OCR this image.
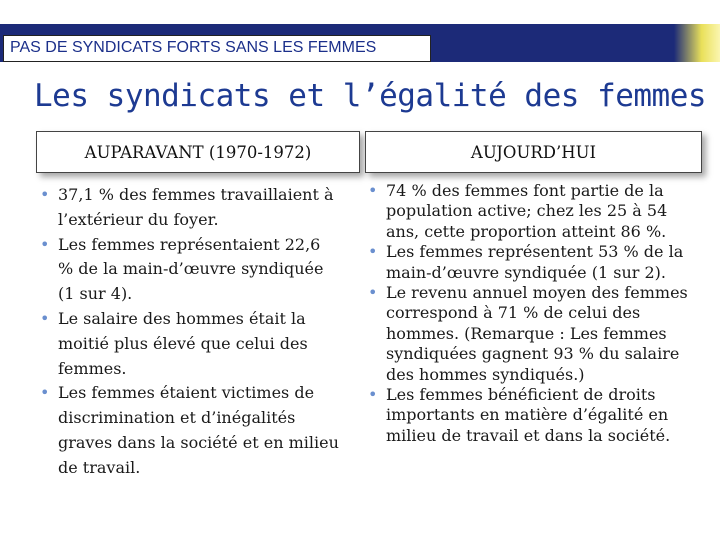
PAS DE SYNDICATS FORTS SANS LES FEMMES
Les syndicats et l’égalité des femmes
AUPARAVANT (1970-1972)	AUJOURD’HUI
• 37,1 % des femmes travaillaient à l’extérieur du foyer.
• Les femmes représentaient 22,6 % de la main-d’œuvre syndiquée (1 sur 4).
• Le salaire des hommes était la moitié plus élevé que celui des femmes.
• Les femmes étaient victimes de discrimination et d’inégalités graves dans la société et en milieu de travail.
• 74 % des femmes font partie de la population active; chez les 25 à 54 ans, cette proportion atteint 86 %.
• Les femmes représentent 53 % de la main-d’œuvre syndiquée (1 sur 2).
• Le revenu annuel moyen des femmes correspond à 71 % de celui des hommes. (Remarque : Les femmes syndiquées gagnent 93 % du salaire des hommes syndiqués.)
• Les femmes bénéficient de droits importants en matière d’égalité en milieu de travail et dans la société.
